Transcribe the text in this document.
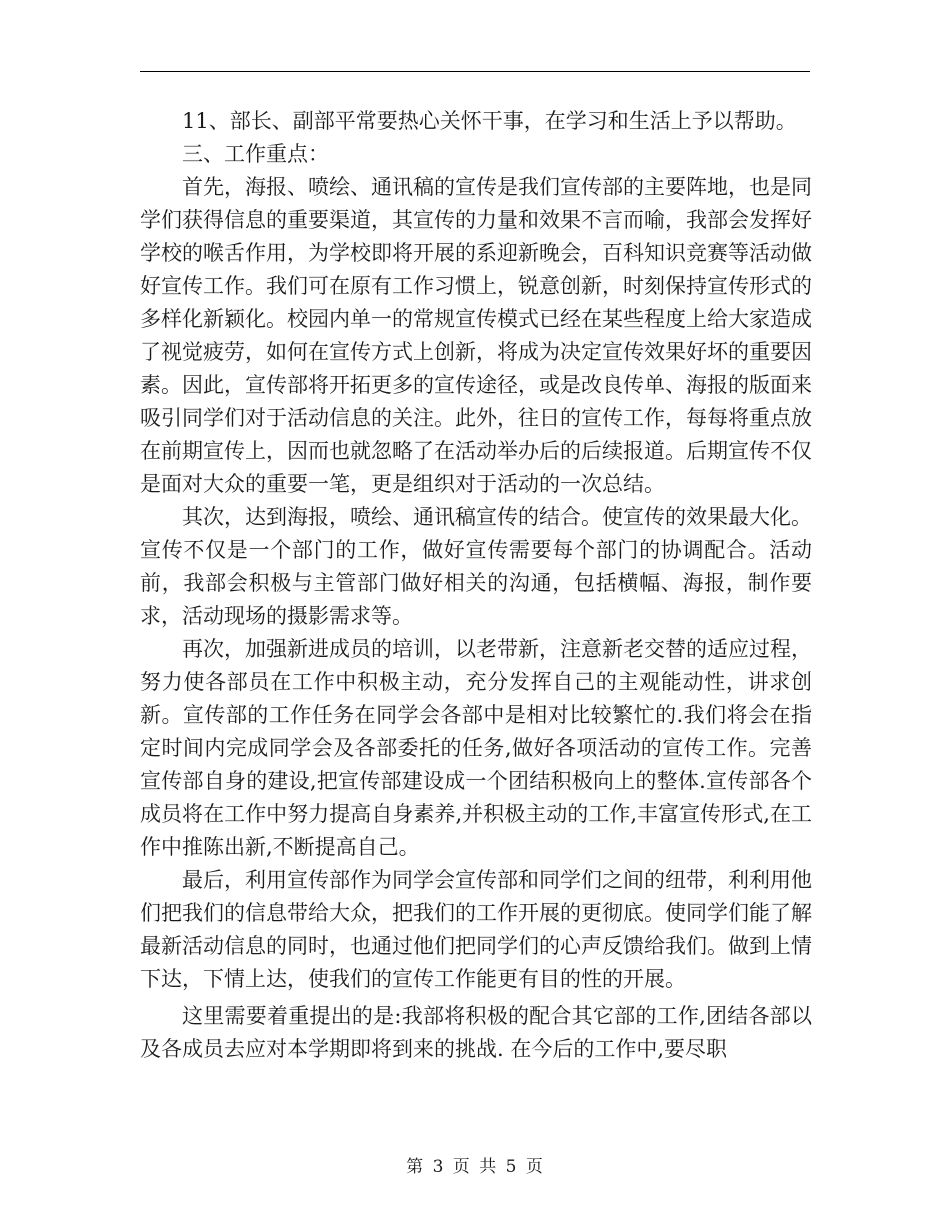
11、部长、副部平常要热心关怀干事，在学习和生活上予以帮助。

三、工作重点：

首先，海报、喷绘、通讯稿的宣传是我们宣传部的主要阵地，也是同学们获得信息的重要渠道，其宣传的力量和效果不言而喻，我部会发挥好学校的喉舌作用，为学校即将开展的系迎新晚会，百科知识竞赛等活动做好宣传工作。我们可在原有工作习惯上，锐意创新，时刻保持宣传形式的多样化新颖化。校园内单一的常规宣传模式已经在某些程度上给大家造成了视觉疲劳，如何在宣传方式上创新，将成为决定宣传效果好坏的重要因素。因此，宣传部将开拓更多的宣传途径，或是改良传单、海报的版面来吸引同学们对于活动信息的关注。此外，往日的宣传工作，每每将重点放在前期宣传上，因而也就忽略了在活动举办后的后续报道。后期宣传不仅是面对大众的重要一笔，更是组织对于活动的一次总结。

其次，达到海报，喷绘、通讯稿宣传的结合。使宣传的效果最大化。宣传不仅是一个部门的工作，做好宣传需要每个部门的协调配合。活动前，我部会积极与主管部门做好相关的沟通，包括横幅、海报，制作要求，活动现场的摄影需求等。

再次，加强新进成员的培训，以老带新，注意新老交替的适应过程，努力使各部员在工作中积极主动，充分发挥自己的主观能动性，讲求创新。宣传部的工作任务在同学会各部中是相对比较繁忙的.我们将会在指定时间内完成同学会及各部委托的任务,做好各项活动的宣传工作。完善宣传部自身的建设,把宣传部建设成一个团结积极向上的整体.宣传部各个成员将在工作中努力提高自身素养,并积极主动的工作,丰富宣传形式,在工作中推陈出新,不断提高自己。

最后，利用宣传部作为同学会宣传部和同学们之间的纽带，利利用他们把我们的信息带给大众，把我们的工作开展的更彻底。使同学们能了解最新活动信息的同时，也通过他们把同学们的心声反馈给我们。做到上情下达，下情上达，使我们的宣传工作能更有目的性的开展。

这里需要着重提出的是:我部将积极的配合其它部的工作,团结各部以及各成员去应对本学期即将到来的挑战. 在今后的工作中,要尽职

第 3 页 共 5 页
